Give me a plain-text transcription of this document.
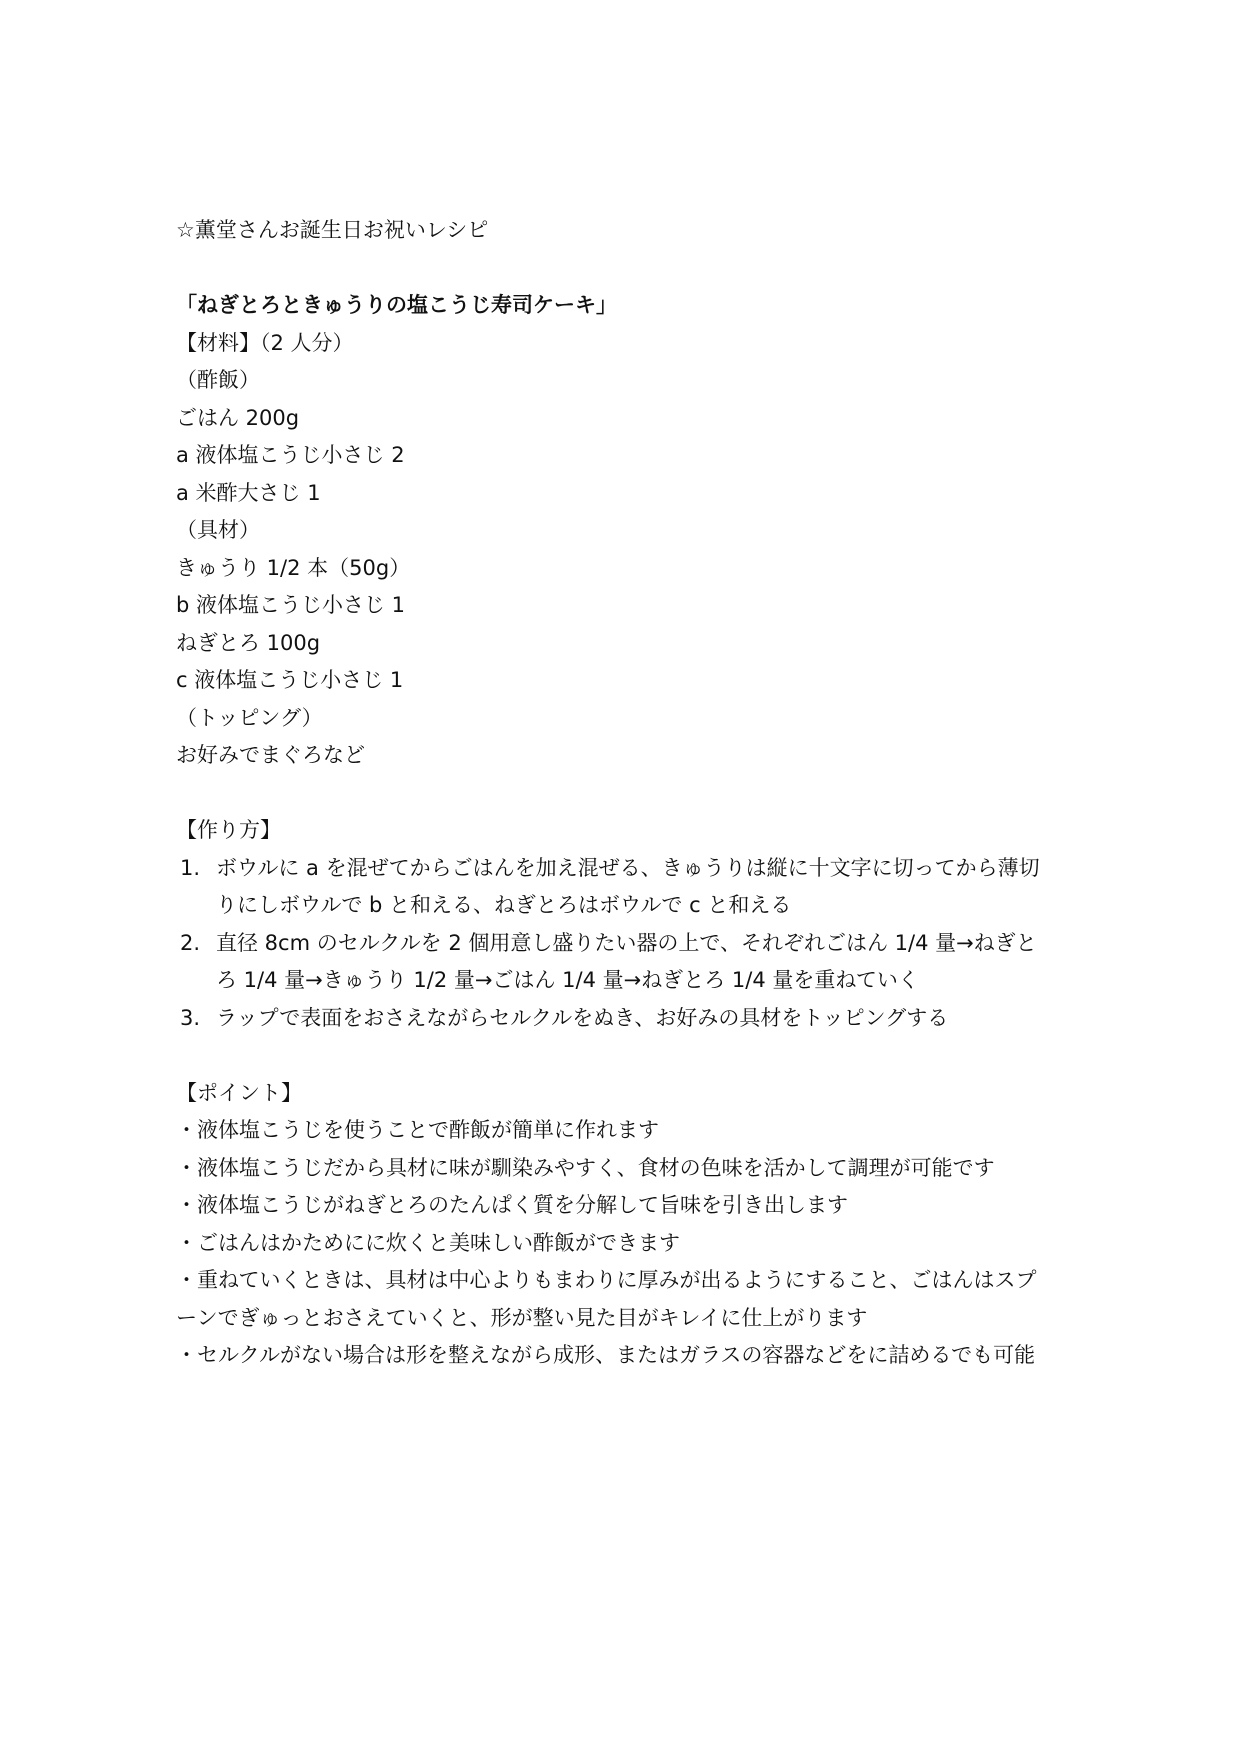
☆薫堂さんお誕生日お祝いレシピ
「ねぎとろときゅうりの塩こうじ寿司ケーキ」
【材料】（2 人分）
（酢飯）
ごはん 200g
a 液体塩こうじ小さじ 2
a 米酢大さじ 1
（具材）
きゅうり 1/2 本（50g）
b 液体塩こうじ小さじ 1
ねぎとろ 100g
c 液体塩こうじ小さじ 1
（トッピング）
お好みでまぐろなど
【作り方】
1. ボウルに a を混ぜてからごはんを加え混ぜる、きゅうりは縦に十文字に切ってから薄切
りにしボウルで b と和える、ねぎとろはボウルで c と和える
2. 直径 8cm のセルクルを 2 個用意し盛りたい器の上で、それぞれごはん 1/4 量→ねぎと
ろ 1/4 量→きゅうり 1/2 量→ごはん 1/4 量→ねぎとろ 1/4 量を重ねていく
3. ラップで表面をおさえながらセルクルをぬき、お好みの具材をトッピングする
【ポイント】
・液体塩こうじを使うことで酢飯が簡単に作れます
・液体塩こうじだから具材に味が馴染みやすく、食材の色味を活かして調理が可能です
・液体塩こうじがねぎとろのたんぱく質を分解して旨味を引き出します
・ごはんはかためにに炊くと美味しい酢飯ができます
・重ねていくときは、具材は中心よりもまわりに厚みが出るようにすること、ごはんはスプ
ーンでぎゅっとおさえていくと、形が整い見た目がキレイに仕上がります
・セルクルがない場合は形を整えながら成形、またはガラスの容器などをに詰めるでも可能
